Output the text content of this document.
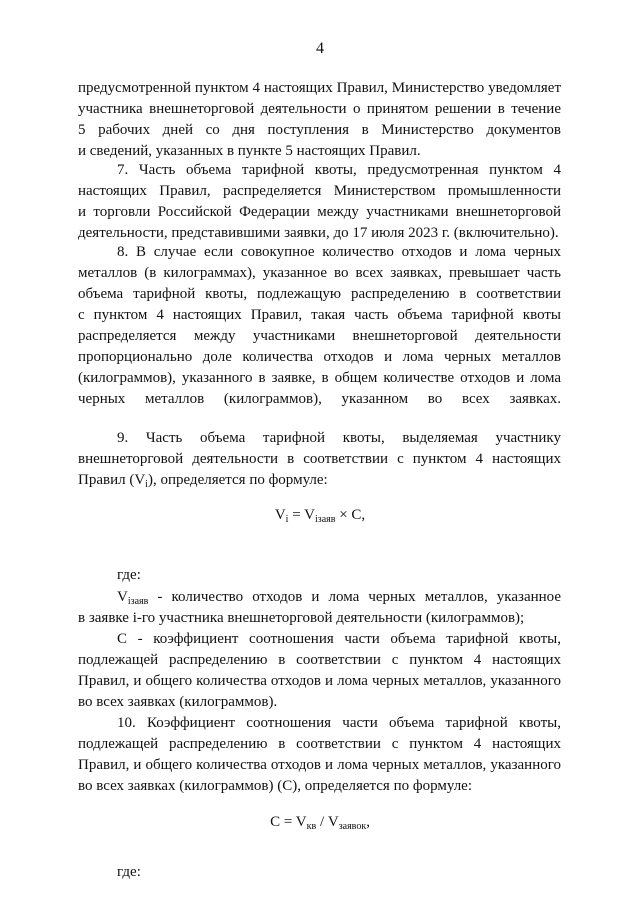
4
предусмотренной пунктом 4 настоящих Правил, Министерство уведомляет
участника внешнеторговой деятельности о принятом решении в течение
5 рабочих дней со дня поступления в Министерство документов
и сведений, указанных в пункте 5 настоящих Правил.
7. Часть объема тарифной квоты, предусмотренная пунктом 4
настоящих Правил, распределяется Министерством промышленности
и торговли Российской Федерации между участниками внешнеторговой
деятельности, представившими заявки, до 17 июля 2023 г. (включительно).
8. В случае если совокупное количество отходов и лома черных
металлов (в килограммах), указанное во всех заявках, превышает часть
объема тарифной квоты, подлежащую распределению в соответствии
с пунктом 4 настоящих Правил, такая часть объема тарифной квоты
распределяется между участниками внешнеторговой деятельности
пропорционально доле количества отходов и лома черных металлов
(килограммов), указанного в заявке, в общем количестве отходов и лома
черных металлов (килограммов), указанном во всех заявках.
9. Часть объема тарифной квоты, выделяемая участнику
внешнеторговой деятельности в соответствии с пунктом 4 настоящих
Правил $(V_i)$, определяется по формуле:
$V_i = V_{iзаяв} \times C$,
где:
$V_{iзаяв}$ - количество отходов и лома черных металлов, указанное
в заявке i-го участника внешнеторговой деятельности (килограммов);
C - коэффициент соотношения части объема тарифной квоты,
подлежащей распределению в соответствии с пунктом 4 настоящих
Правил, и общего количества отходов и лома черных металлов, указанного
во всех заявках (килограммов).
10. Коэффициент соотношения части объема тарифной квоты,
подлежащей распределению в соответствии с пунктом 4 настоящих
Правил, и общего количества отходов и лома черных металлов, указанного
во всех заявках (килограммов) (C), определяется по формуле:
$C = V_{кв} / V_{заявок}$,
где:
